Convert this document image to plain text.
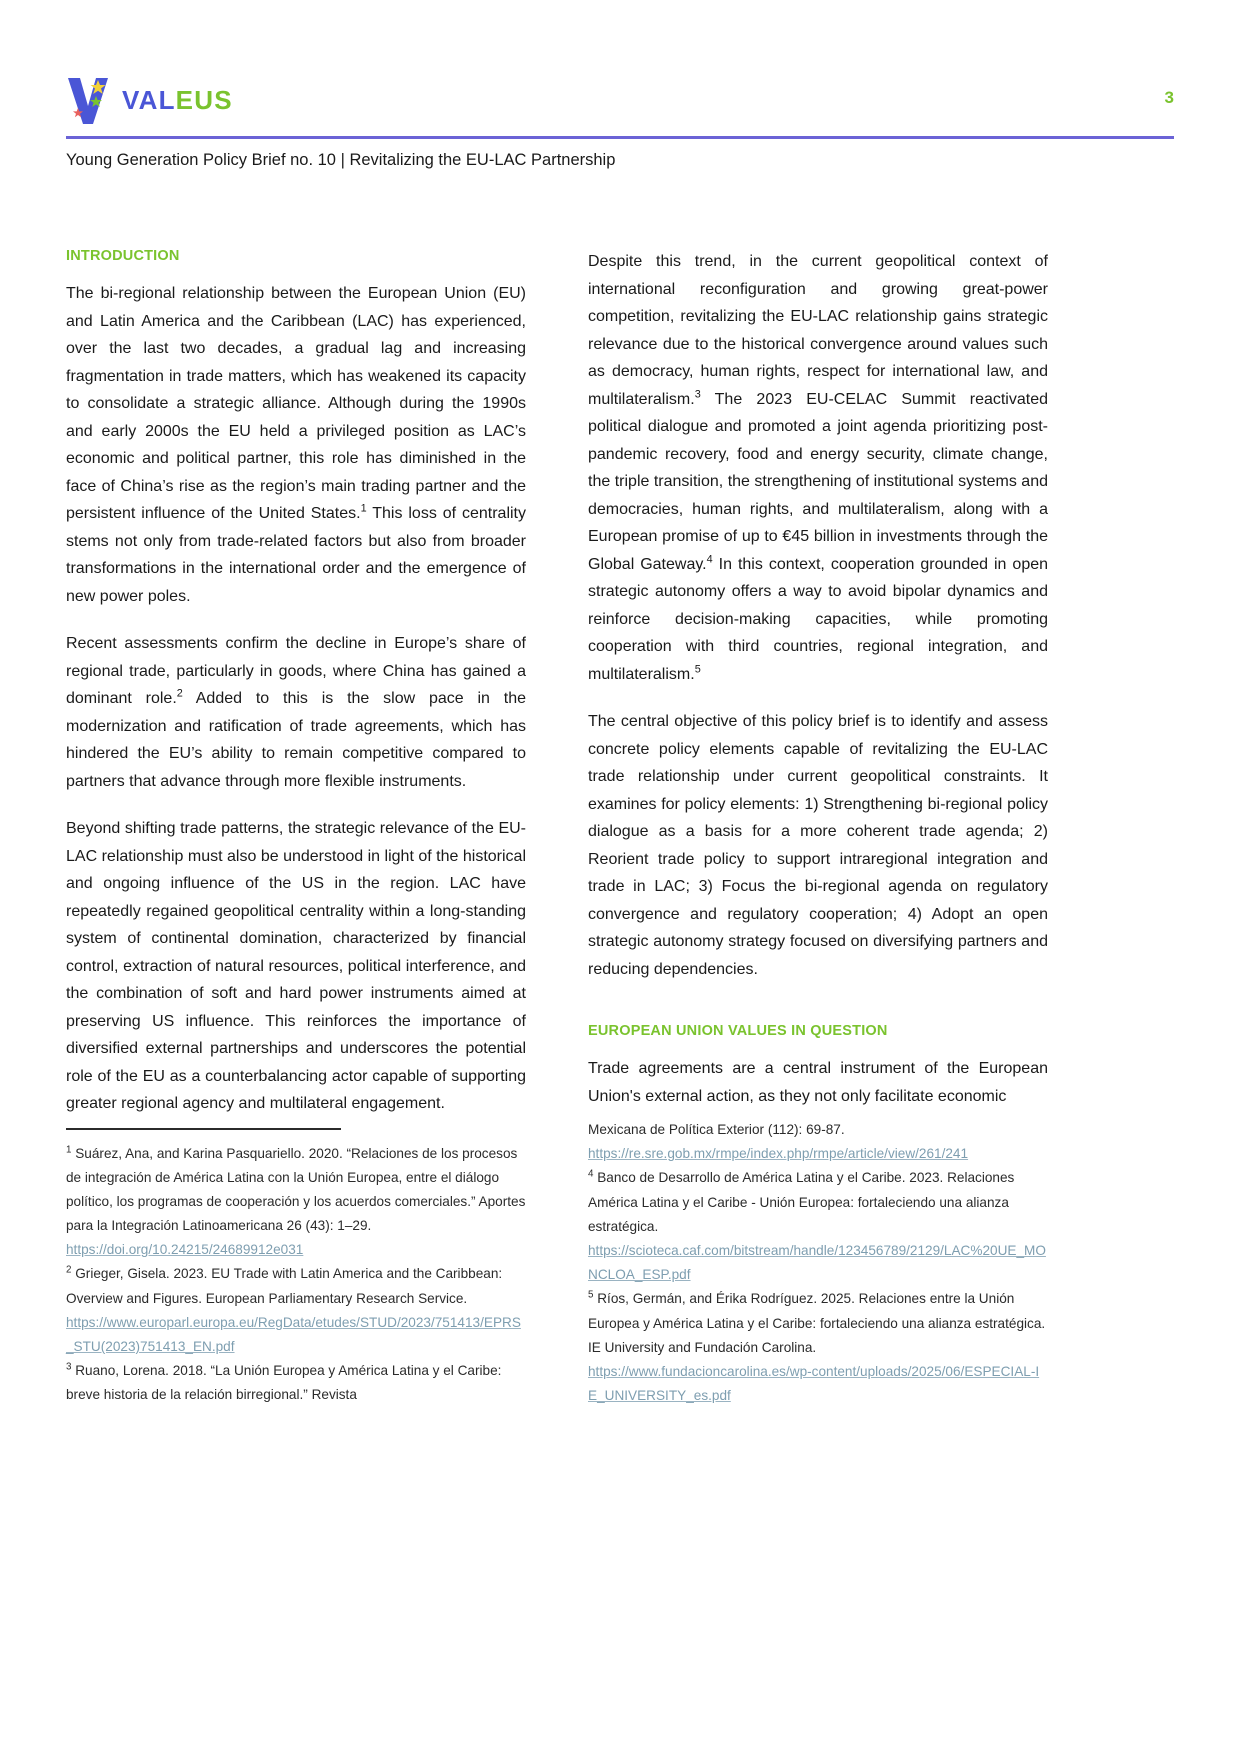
VALEUS	3
Young Generation Policy Brief no. 10 | Revitalizing the EU-LAC Partnership
INTRODUCTION

The bi-regional relationship between the European Union (EU) and Latin America and the Caribbean (LAC) has experienced, over the last two decades, a gradual lag and increasing fragmentation in trade matters, which has weakened its capacity to consolidate a strategic alliance. Although during the 1990s and early 2000s the EU held a privileged position as LAC’s economic and political partner, this role has diminished in the face of China’s rise as the region’s main trading partner and the persistent influence of the United States.$^1$ This loss of centrality stems not only from trade-related factors but also from broader transformations in the international order and the emergence of new power poles.

Recent assessments confirm the decline in Europe’s share of regional trade, particularly in goods, where China has gained a dominant role.$^2$ Added to this is the slow pace in the modernization and ratification of trade agreements, which has hindered the EU’s ability to remain competitive compared to partners that advance through more flexible instruments.

Beyond shifting trade patterns, the strategic relevance of the EU-LAC relationship must also be understood in light of the historical and ongoing influence of the US in the region. LAC have repeatedly regained geopolitical centrality within a long-standing system of continental domination, characterized by financial control, extraction of natural resources, political interference, and the combination of soft and hard power instruments aimed at preserving US influence. This reinforces the importance of diversified external partnerships and underscores the potential role of the EU as a counterbalancing actor capable of supporting greater regional agency and multilateral engagement.

Despite this trend, in the current geopolitical context of international reconfiguration and growing great-power competition, revitalizing the EU-LAC relationship gains strategic relevance due to the historical convergence around values such as democracy, human rights, respect for international law, and multilateralism.$^3$ The 2023 EU-CELAC Summit reactivated political dialogue and promoted a joint agenda prioritizing post-pandemic recovery, food and energy security, climate change, the triple transition, the strengthening of institutional systems and democracies, human rights, and multilateralism, along with a European promise of up to €45 billion in investments through the Global Gateway.$^4$ In this context, cooperation grounded in open strategic autonomy offers a way to avoid bipolar dynamics and reinforce decision-making capacities, while promoting cooperation with third countries, regional integration, and multilateralism.$^5$

The central objective of this policy brief is to identify and assess concrete policy elements capable of revitalizing the EU-LAC trade relationship under current geopolitical constraints. It examines for policy elements: 1) Strengthening bi-regional policy dialogue as a basis for a more coherent trade agenda; 2) Reorient trade policy to support intraregional integration and trade in LAC; 3) Focus the bi-regional agenda on regulatory convergence and regulatory cooperation; 4) Adopt an open strategic autonomy strategy focused on diversifying partners and reducing dependencies.

EUROPEAN UNION VALUES IN QUESTION

Trade agreements are a central instrument of the European Union's external action, as they not only facilitate economic

$^1$ Suárez, Ana, and Karina Pasquariello. 2020. “Relaciones de los procesos de integración de América Latina con la Unión Europea, entre el diálogo político, los programas de cooperación y los acuerdos comerciales.” Aportes para la Integración Latinoamericana 26 (43): 1–29.
https://doi.org/10.24215/24689912e031

$^2$ Grieger, Gisela. 2023. EU Trade with Latin America and the Caribbean: Overview and Figures. European Parliamentary Research Service.
https://www.europarl.europa.eu/RegData/etudes/STUD/2023/751413/EPRS_STU(2023)751413_EN.pdf

$^3$ Ruano, Lorena. 2018. “La Unión Europea y América Latina y el Caribe: breve historia de la relación birregional.” Revista

Mexicana de Política Exterior (112): 69-87.
https://re.sre.gob.mx/rmpe/index.php/rmpe/article/view/261/241

$^4$ Banco de Desarrollo de América Latina y el Caribe. 2023. Relaciones América Latina y el Caribe - Unión Europea: fortaleciendo una alianza estratégica.
https://scioteca.caf.com/bitstream/handle/123456789/2129/LAC%20UE_MONCLOA_ESP.pdf

$^5$ Ríos, Germán, and Érika Rodríguez. 2025. Relaciones entre la Unión Europea y América Latina y el Caribe: fortaleciendo una alianza estratégica. IE University and Fundación Carolina.
https://www.fundacioncarolina.es/wp-content/uploads/2025/06/ESPECIAL-IE_UNIVERSITY_es.pdf
